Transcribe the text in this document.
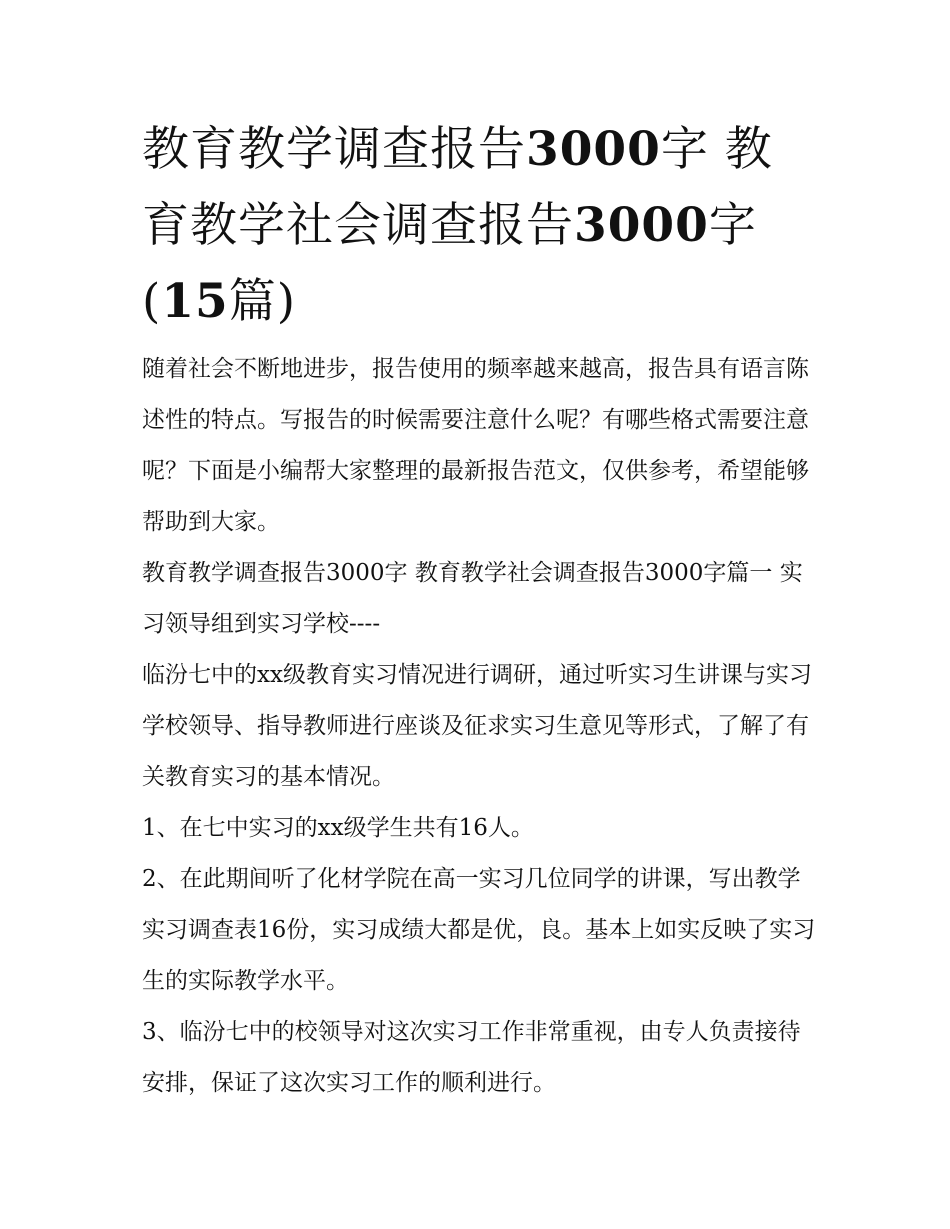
教育教学调查报告3000字 教育教学社会调查报告3000字(15篇)

随着社会不断地进步，报告使用的频率越来越高，报告具有语言陈述性的特点。写报告的时候需要注意什么呢？有哪些格式需要注意呢？下面是小编帮大家整理的最新报告范文，仅供参考，希望能够帮助到大家。

教育教学调查报告3000字 教育教学社会调查报告3000字篇一 实习领导组到实习学校----

临汾七中的xx级教育实习情况进行调研，通过听实习生讲课与实习学校领导、指导教师进行座谈及征求实习生意见等形式，了解了有关教育实习的基本情况。

1、在七中实习的xx级学生共有16人。

2、在此期间听了化材学院在高一实习几位同学的讲课，写出教学实习调查表16份，实习成绩大都是优，良。基本上如实反映了实习生的实际教学水平。

3、临汾七中的校领导对这次实习工作非常重视，由专人负责接待安排，保证了这次实习工作的顺利进行。
